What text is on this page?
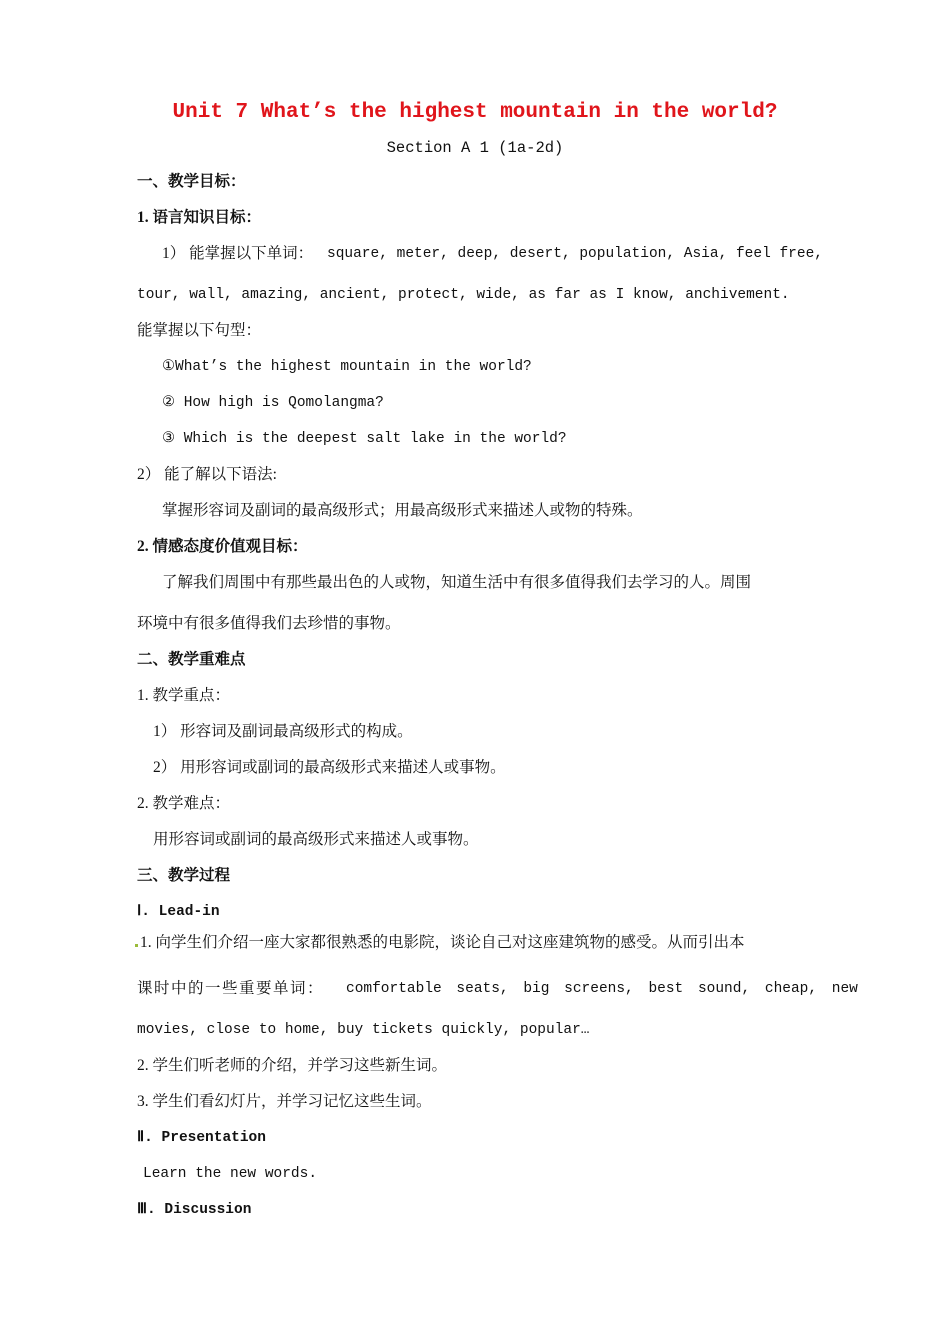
Unit 7 What’s the highest mountain in the world?
Section A 1 (1a-2d)
一、教学目标：
1. 语言知识目标：
1） 能掌握以下单词： square, meter, deep, desert, population, Asia, feel free,
tour, wall, amazing, ancient, protect, wide, as far as I know, anchivement.
能掌握以下句型：
①What’s the highest mountain in the world?
② How high is Qomolangma?
③ Which is the deepest salt lake in the world?
2） 能了解以下语法:
掌握形容词及副词的最高级形式；用最高级形式来描述人或物的特殊。
2. 情感态度价值观目标：
了解我们周围中有那些最出色的人或物，知道生活中有很多值得我们去学习的人。周围
环境中有很多值得我们去珍惜的事物。
二、教学重难点
1. 教学重点：
1） 形容词及副词最高级形式的构成。
2） 用形容词或副词的最高级形式来描述人或事物。
2. 教学难点：
用形容词或副词的最高级形式来描述人或事物。
三、教学过程
Ⅰ. Lead-in
1. 向学生们介绍一座大家都很熟悉的电影院，谈论自己对这座建筑物的感受。从而引出本
课时中的一些重要单词： comfortable seats, big screens, best sound, cheap, new
movies, close to home, buy tickets quickly, popular…
2. 学生们听老师的介绍，并学习这些新生词。
3. 学生们看幻灯片，并学习记忆这些生词。
Ⅱ. Presentation
Learn the new words.
Ⅲ. Discussion
